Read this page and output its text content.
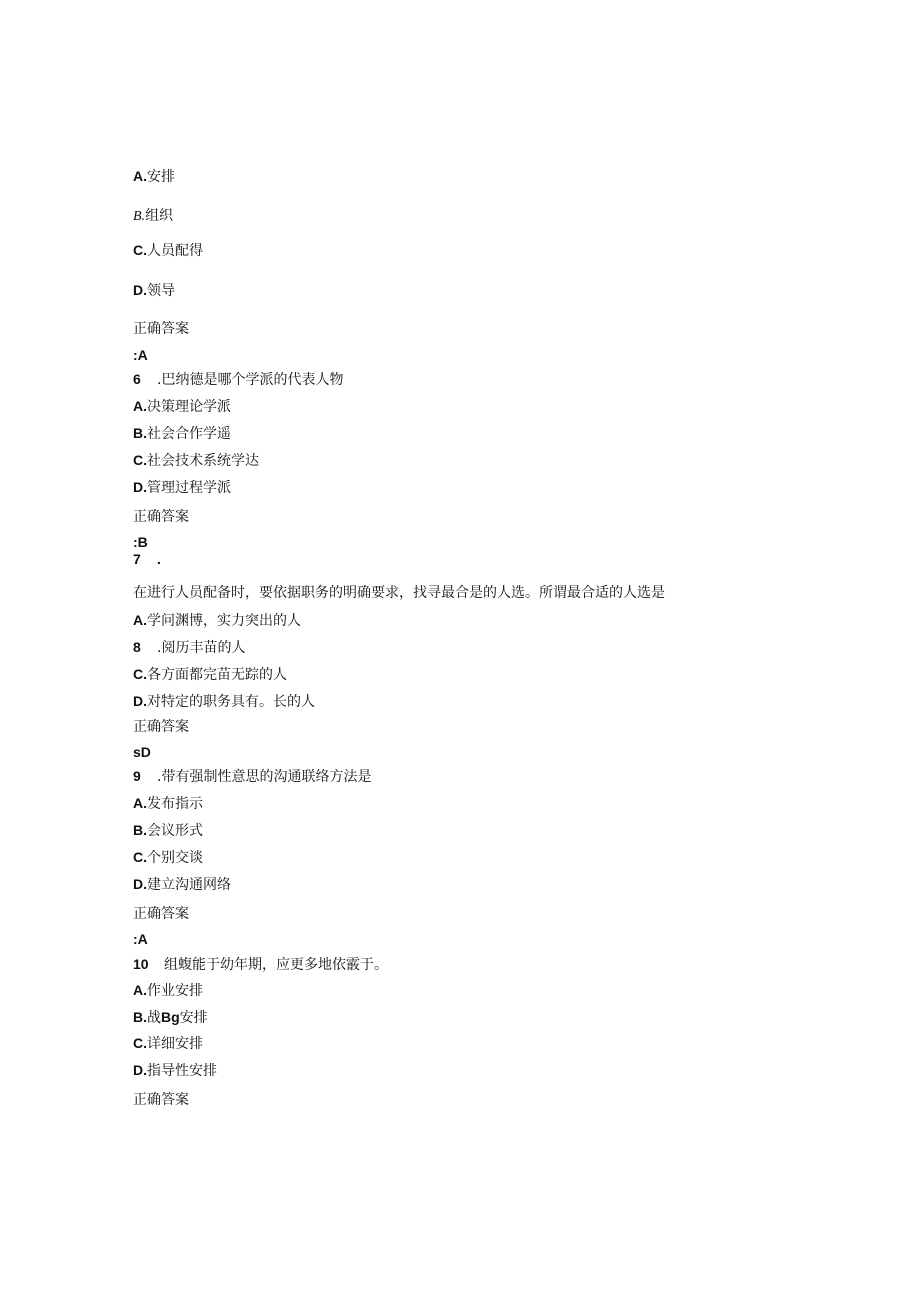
A.安排
B.组织
C.人员配得
D.领导
正确答案
:A
6 .巴纳德是哪个学派的代表人物
A.决策理论学派
B.社会合作学遥
C.社会技术系统学达
D.管理过程学派
正确答案
:B
7 .
在进行人员配备时，要依据职务的明确要求，找寻最合是的人选。所谓最合适的人选是
A.学问渊博，实力突出的人
8 .阅历丰苗的人
C.各方面都完苗无踪的人
D.对特定的职务具有。长的人
正确答案
sD
9 .带有强制性意思的沟通联络方法是
A.发布指示
B.会议形式
C.个别交谈
D.建立沟通网络
正确答案
:A
10 组蝮能于幼年期，应更多地依霰于。
A.作业安排
B.战Bg安排
C.详细安排
D.指导性安排
正确答案
